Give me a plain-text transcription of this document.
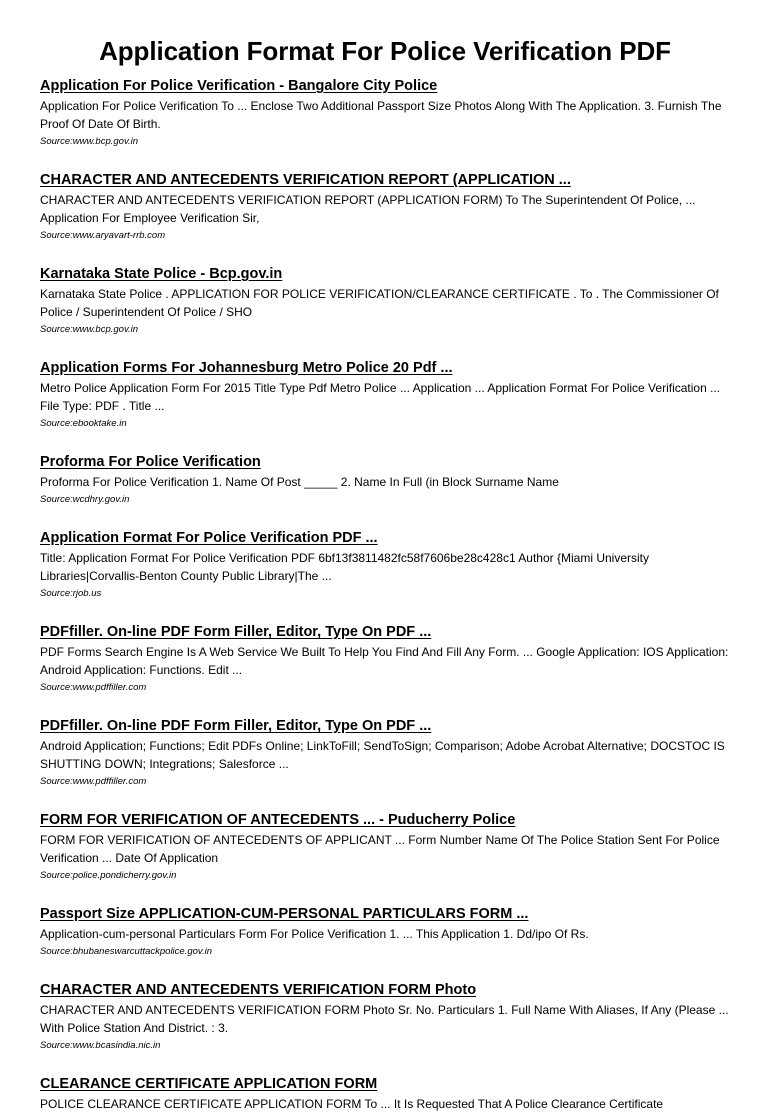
Application Format For Police Verification PDF
Application For Police Verification - Bangalore City Police
Application For Police Verification To ... Enclose Two Additional Passport Size Photos Along With The Application. 3. Furnish The Proof Of Date Of Birth.
Source:www.bcp.gov.in
CHARACTER AND ANTECEDENTS VERIFICATION REPORT (APPLICATION ...
CHARACTER AND ANTECEDENTS VERIFICATION REPORT (APPLICATION FORM) To The Superintendent Of Police, ... Application For Employee Verification Sir,
Source:www.aryavart-rrb.com
Karnataka State Police - Bcp.gov.in
Karnataka State Police . APPLICATION FOR POLICE VERIFICATION/CLEARANCE CERTIFICATE . To . The Commissioner Of Police / Superintendent Of Police / SHO
Source:www.bcp.gov.in
Application Forms For Johannesburg Metro Police 20 Pdf ...
Metro Police Application Form For 2015 Title Type Pdf Metro Police ... Application ... Application Format For Police Verification ... File Type: PDF . Title ...
Source:ebooktake.in
Proforma For Police Verification
Proforma For Police Verification 1. Name Of Post _____ 2. Name In Full (in Block Surname Name
Source:wcdhry.gov.in
Application Format For Police Verification PDF ...
Title: Application Format For Police Verification PDF 6bf13f3811482fc58f7606be28c428c1 Author {Miami University Libraries|Corvallis-Benton County Public Library|The ...
Source:rjob.us
PDFfiller. On-line PDF Form Filler, Editor, Type On PDF ...
PDF Forms Search Engine Is A Web Service We Built To Help You Find And Fill Any Form. ... Google Application: IOS Application: Android Application: Functions. Edit ...
Source:www.pdffiller.com
PDFfiller. On-line PDF Form Filler, Editor, Type On PDF ...
Android Application; Functions; Edit PDFs Online; LinkToFill; SendToSign; Comparison; Adobe Acrobat Alternative; DOCSTOC IS SHUTTING DOWN; Integrations; Salesforce ...
Source:www.pdffiller.com
FORM FOR VERIFICATION OF ANTECEDENTS ... - Puducherry Police
FORM FOR VERIFICATION OF ANTECEDENTS OF APPLICANT ... Form Number Name Of The Police Station Sent For Police Verification ... Date Of Application
Source:police.pondicherry.gov.in
Passport Size APPLICATION-CUM-PERSONAL PARTICULARS FORM ...
Application-cum-personal Particulars Form For Police Verification 1. ... This Application 1. Dd/ipo Of Rs.
Source:bhubaneswarcuttackpolice.gov.in
CHARACTER AND ANTECEDENTS VERIFICATION FORM Photo
CHARACTER AND ANTECEDENTS VERIFICATION FORM Photo Sr. No. Particulars 1. Full Name With Aliases, If Any (Please ... With Police Station And District. : 3.
Source:www.bcasindia.nic.in
CLEARANCE CERTIFICATE APPLICATION FORM
POLICE CLEARANCE CERTIFICATE APPLICATION FORM To ... It Is Requested That A Police Clearance Certificate
